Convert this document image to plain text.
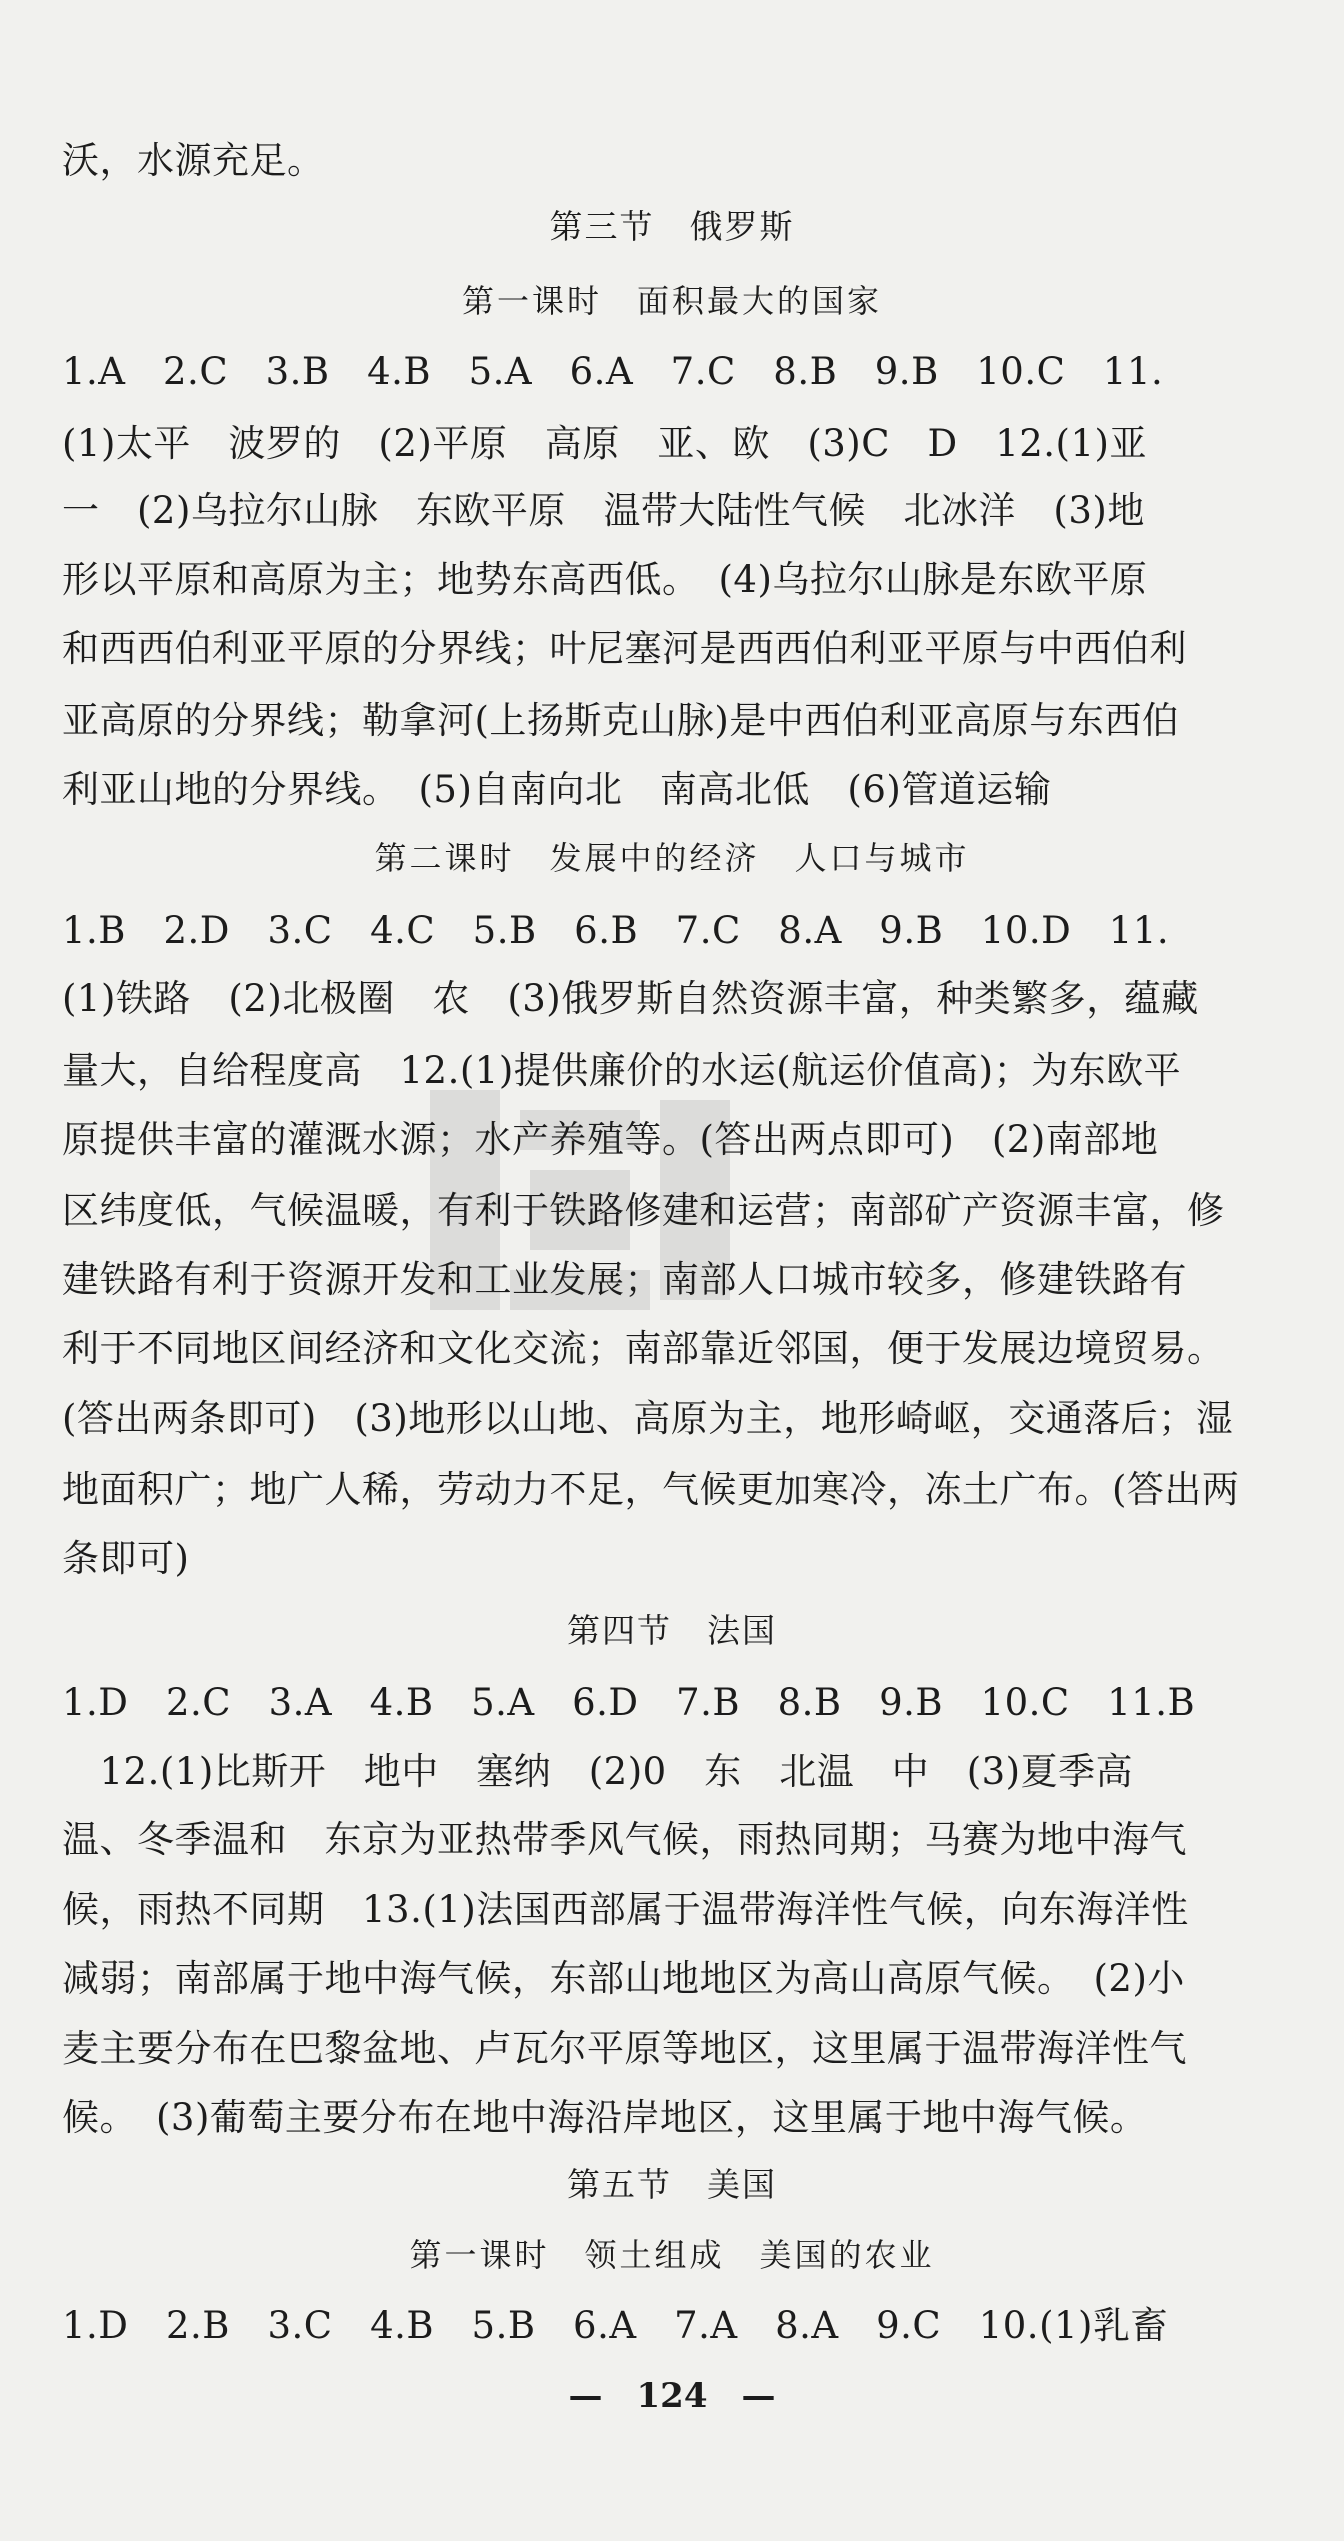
沃，水源充足。
第三节　俄罗斯
第一课时　面积最大的国家
1.A　2.C　3.B　4.B　5.A　6.A　7.C　8.B　9.B　10.C　11.
(1)太平　波罗的　(2)平原　高原　亚、欧　(3)C　D　12.(1)亚
一　(2)乌拉尔山脉　东欧平原　温带大陆性气候　北冰洋　(3)地
形以平原和高原为主；地势东高西低。　(4)乌拉尔山脉是东欧平原
和西西伯利亚平原的分界线；叶尼塞河是西西伯利亚平原与中西伯利
亚高原的分界线；勒拿河(上扬斯克山脉)是中西伯利亚高原与东西伯
利亚山地的分界线。　(5)自南向北　南高北低　(6)管道运输
第二课时　发展中的经济　人口与城市
1.B　2.D　3.C　4.C　5.B　6.B　7.C　8.A　9.B　10.D　11.
(1)铁路　(2)北极圈　农　(3)俄罗斯自然资源丰富，种类繁多，蕴藏
量大，自给程度高　12.(1)提供廉价的水运(航运价值高)；为东欧平
原提供丰富的灌溉水源；水产养殖等。(答出两点即可)　(2)南部地
区纬度低，气候温暖，有利于铁路修建和运营；南部矿产资源丰富，修
建铁路有利于资源开发和工业发展；南部人口城市较多，修建铁路有
利于不同地区间经济和文化交流；南部靠近邻国，便于发展边境贸易。
(答出两条即可)　(3)地形以山地、高原为主，地形崎岖，交通落后；湿
地面积广；地广人稀，劳动力不足，气候更加寒冷，冻土广布。(答出两
条即可)
第四节　法国
1.D　2.C　3.A　4.B　5.A　6.D　7.B　8.B　9.B　10.C　11.B
　12.(1)比斯开　地中　塞纳　(2)0　东　北温　中　(3)夏季高
温、冬季温和　东京为亚热带季风气候，雨热同期；马赛为地中海气
候，雨热不同期　13.(1)法国西部属于温带海洋性气候，向东海洋性
减弱；南部属于地中海气候，东部山地地区为高山高原气候。　(2)小
麦主要分布在巴黎盆地、卢瓦尔平原等地区，这里属于温带海洋性气
候。　(3)葡萄主要分布在地中海沿岸地区，这里属于地中海气候。
第五节　美国
第一课时　领土组成　美国的农业
1.D　2.B　3.C　4.B　5.B　6.A　7.A　8.A　9.C　10.(1)乳畜
—　124　—
